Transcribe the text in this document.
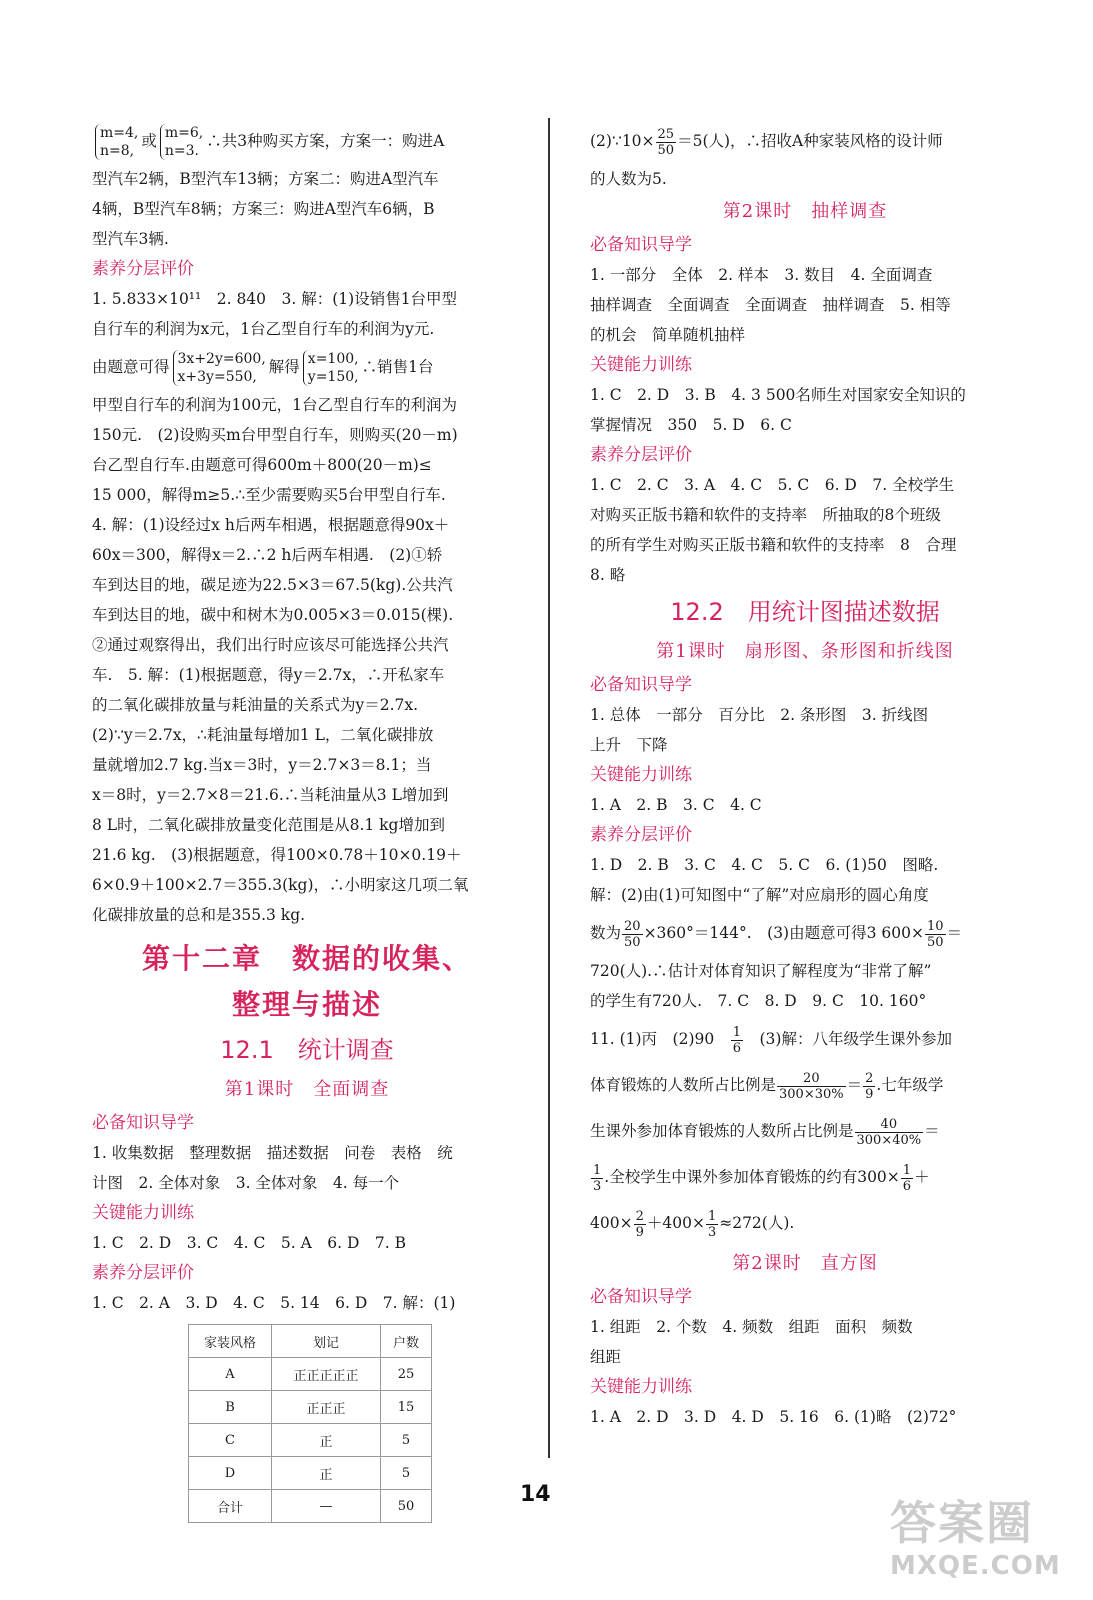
m=4,
n=8,
或 m=6,
n=3.
∴共3种购买方案，方案一：购进A

型汽车2辆，B型汽车13辆；方案二：购进A型汽车

4辆，B型汽车8辆；方案三：购进A型汽车6辆，B

型汽车3辆.

素养分层评价

1. 5.833×10¹¹　2. 840　3. 解：(1)设销售1台甲型

自行车的利润为x元，1台乙型自行车的利润为y元.

由题意可得 3x+2y=600,
x+3y=550,
解得 x=100,
y=150,
∴销售1台

甲型自行车的利润为100元，1台乙型自行车的利润为

150元.　(2)设购买m台甲型自行车，则购买(20－m)

台乙型自行车.由题意可得600m＋800(20－m)≤

15 000，解得m≥5.∴至少需要购买5台甲型自行车.

4. 解：(1)设经过x h后两车相遇，根据题意得90x＋

60x＝300，解得x＝2.∴2 h后两车相遇.　(2)①轿

车到达目的地，碳足迹为22.5×3＝67.5(kg).公共汽

车到达目的地，碳中和树木为0.005×3＝0.015(棵).

②通过观察得出，我们出行时应该尽可能选择公共汽

车.　5. 解：(1)根据题意，得y＝2.7x，∴开私家车

的二氧化碳排放量与耗油量的关系式为y＝2.7x.

(2)∵y＝2.7x，∴耗油量每增加1 L，二氧化碳排放

量就增加2.7 kg.当x＝3时，y＝2.7×3＝8.1；当

x＝8时，y＝2.7×8＝21.6.∴当耗油量从3 L增加到

8 L时，二氧化碳排放量变化范围是从8.1 kg增加到

21.6 kg.　(3)根据题意，得100×0.78＋10×0.19＋

6×0.9＋100×2.7＝355.3(kg)，∴小明家这几项二氧

化碳排放量的总和是355.3 kg.

第十二章　数据的收集、

整理与描述

12.1　统计调查

第1课时　全面调查

必备知识导学

1. 收集数据　整理数据　描述数据　问卷　表格　统

计图　2. 全体对象　3. 全体对象　4. 每一个

关键能力训练

1. C　2. D　3. C　4. C　5. A　6. D　7. B

素养分层评价

1. C　2. A　3. D　4. C　5. 14　6. D　7. 解：(1)

家装风格	划记	户数
A	正正正正正	25
B	正正正	15
C	正	5
D	正	5
合计	—	50

(2)∵10× $\frac{25}{50} =5$(人)，∴招收A种家装风格的设计师

的人数为5.

第2课时　抽样调查

必备知识导学

1. 一部分　全体　2. 样本　3. 数目　4. 全面调查

抽样调查　全面调查　全面调查　抽样调查　5. 相等

的机会　简单随机抽样

关键能力训练

1. C　2. D　3. B　4. 3 500名师生对国家安全知识的

掌握情况　350　5. D　6. C

素养分层评价

1. C　2. C　3. A　4. C　5. C　6. D　7. 全校学生

对购买正版书籍和软件的支持率　所抽取的8个班级

的所有学生对购买正版书籍和软件的支持率　8　合理

8. 略

12.2　用统计图描述数据

第1课时　扇形图、条形图和折线图

必备知识导学

1. 总体　一部分　百分比　2. 条形图　3. 折线图

上升　下降

关键能力训练

1. A　2. B　3. C　4. C

素养分层评价

1. D　2. B　3. C　4. C　5. C　6. (1)50　图略.

解：(2)由(1)可知图中“了解”对应扇形的圆心角度

数为 $\frac{20}{50} \times 360^\circ=144^\circ$.　(3)由题意可得3 $600\times \frac{10}{50}$ ＝

720(人).∴估计对体育知识了解程度为“非常了解”

的学生有720人.　7. C　8. D　9. C　10. 160°

11. (1)丙　(2)90　 $\frac{1}{6}$ 　(3)解：八年级学生课外参加

体育锻炼的人数所占比例是 $\frac{20}{300\times 30\%} = \frac{2}{9}$ .七年级学

生课外参加体育锻炼的人数所占比例是 $\frac{40}{300\times 40\%}$ ＝

$\frac{1}{3}$ .全校学生中课外参加体育锻炼的约有$300\times \frac{1}{6}$ ＋

$400\times \frac{2}{9} +400\times \frac{1}{3} \approx 272$(人).

第2课时　直方图

必备知识导学

1. 组距　2. 个数　4. 频数　组距　面积　频数

组距

关键能力训练

1. A　2. D　3. D　4. D　5. 16　6. (1)略　(2)72°

14
答案圈
MXQE.COM
